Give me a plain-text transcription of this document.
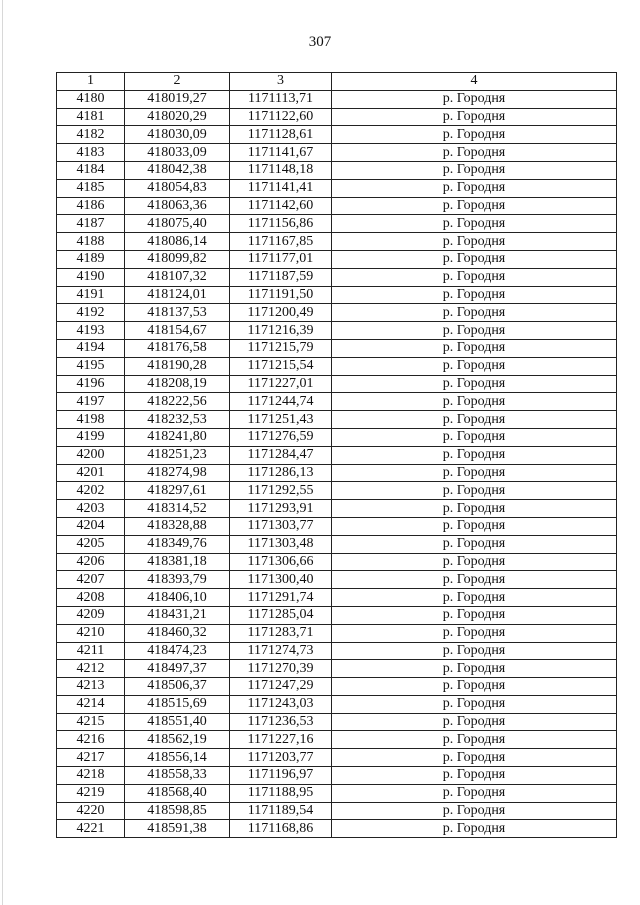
307
1	2	3	4
4180	418019,27	1171113,71	р. Городня
4181	418020,29	1171122,60	р. Городня
4182	418030,09	1171128,61	р. Городня
4183	418033,09	1171141,67	р. Городня
4184	418042,38	1171148,18	р. Городня
4185	418054,83	1171141,41	р. Городня
4186	418063,36	1171142,60	р. Городня
4187	418075,40	1171156,86	р. Городня
4188	418086,14	1171167,85	р. Городня
4189	418099,82	1171177,01	р. Городня
4190	418107,32	1171187,59	р. Городня
4191	418124,01	1171191,50	р. Городня
4192	418137,53	1171200,49	р. Городня
4193	418154,67	1171216,39	р. Городня
4194	418176,58	1171215,79	р. Городня
4195	418190,28	1171215,54	р. Городня
4196	418208,19	1171227,01	р. Городня
4197	418222,56	1171244,74	р. Городня
4198	418232,53	1171251,43	р. Городня
4199	418241,80	1171276,59	р. Городня
4200	418251,23	1171284,47	р. Городня
4201	418274,98	1171286,13	р. Городня
4202	418297,61	1171292,55	р. Городня
4203	418314,52	1171293,91	р. Городня
4204	418328,88	1171303,77	р. Городня
4205	418349,76	1171303,48	р. Городня
4206	418381,18	1171306,66	р. Городня
4207	418393,79	1171300,40	р. Городня
4208	418406,10	1171291,74	р. Городня
4209	418431,21	1171285,04	р. Городня
4210	418460,32	1171283,71	р. Городня
4211	418474,23	1171274,73	р. Городня
4212	418497,37	1171270,39	р. Городня
4213	418506,37	1171247,29	р. Городня
4214	418515,69	1171243,03	р. Городня
4215	418551,40	1171236,53	р. Городня
4216	418562,19	1171227,16	р. Городня
4217	418556,14	1171203,77	р. Городня
4218	418558,33	1171196,97	р. Городня
4219	418568,40	1171188,95	р. Городня
4220	418598,85	1171189,54	р. Городня
4221	418591,38	1171168,86	р. Городня
